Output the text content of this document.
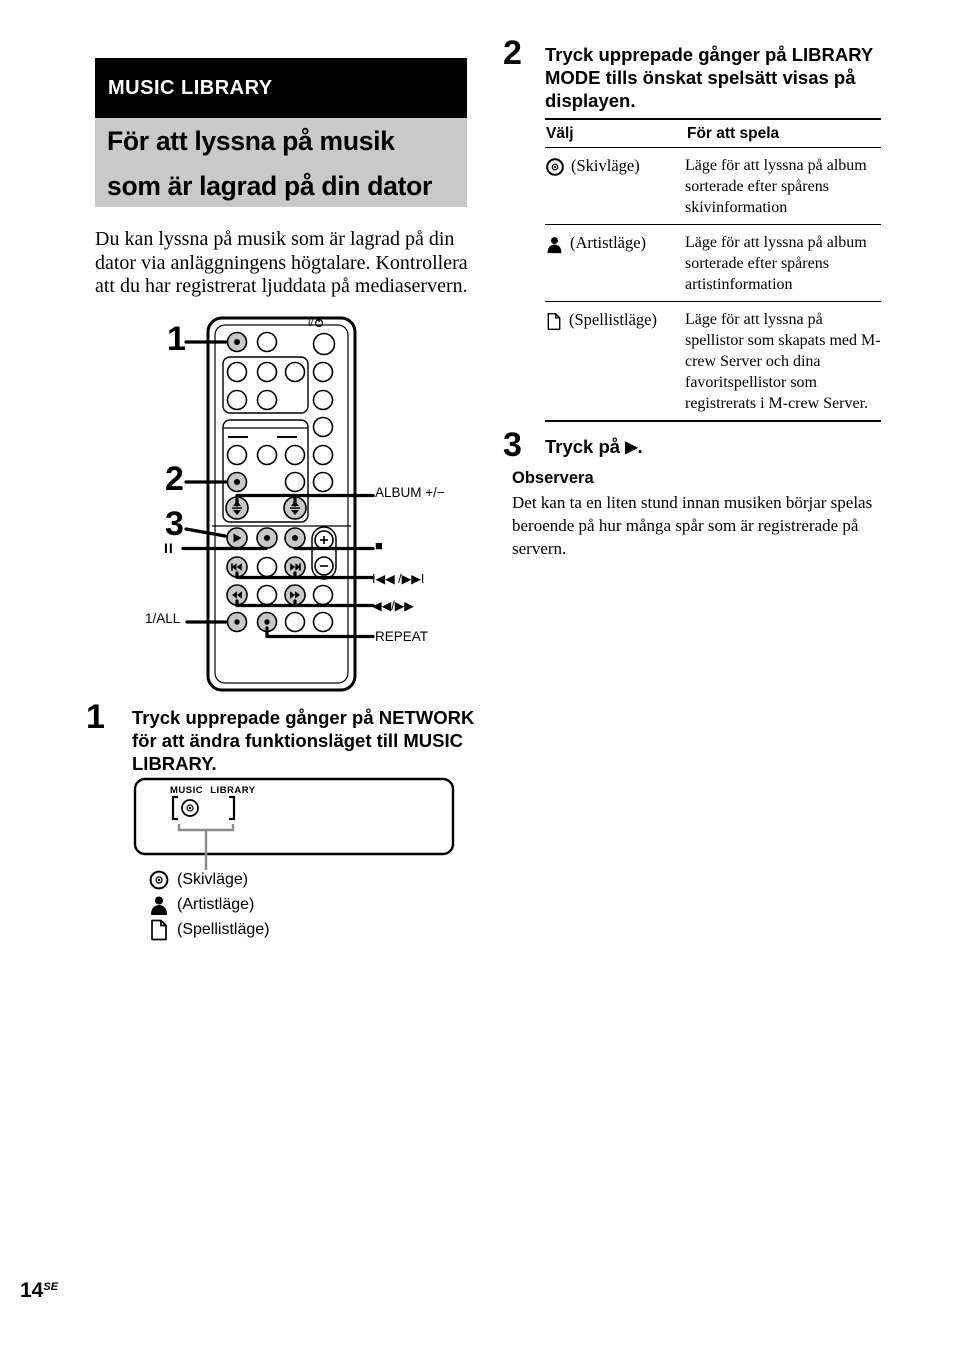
MUSIC LIBRARY
För att lyssna på musik
som är lagrad på din dator
Du kan lyssna på musik som är lagrad på din
dator via anläggningens högtalare. Kontrollera
att du har registrerat ljuddata på mediaservern.
I/
1
2
3
II
1/ALL
ALBUM +/−
■
I◀◀ /▶▶I
◀◀/▶▶
REPEAT
1 Tryck upprepade gånger på NETWORK
för att ändra funktionsläget till MUSIC
LIBRARY.
MUSIC LIBRARY
(Skivläge)
(Artistläge)
(Spellistläge)
2 Tryck upprepade gånger på LIBRARY
MODE tills önskat spelsätt visas på
displayen.
Välj	För att spela
(Skivläge)	Läge för att lyssna på album sorterade efter spårens skivinformation
(Artistläge) Läge för att lyssna på album sorterade efter spårens artistinformation
(Spellistläge) Läge för att lyssna på spellistor som skapats med M-crew Server och dina favoritspellistor som registrerats i M-crew Server.
3 Tryck på ▶.
Observera
Det kan ta en liten stund innan musiken börjar spelas
beroende på hur många spår som är registrerade på
servern.
$14^{SE}$
